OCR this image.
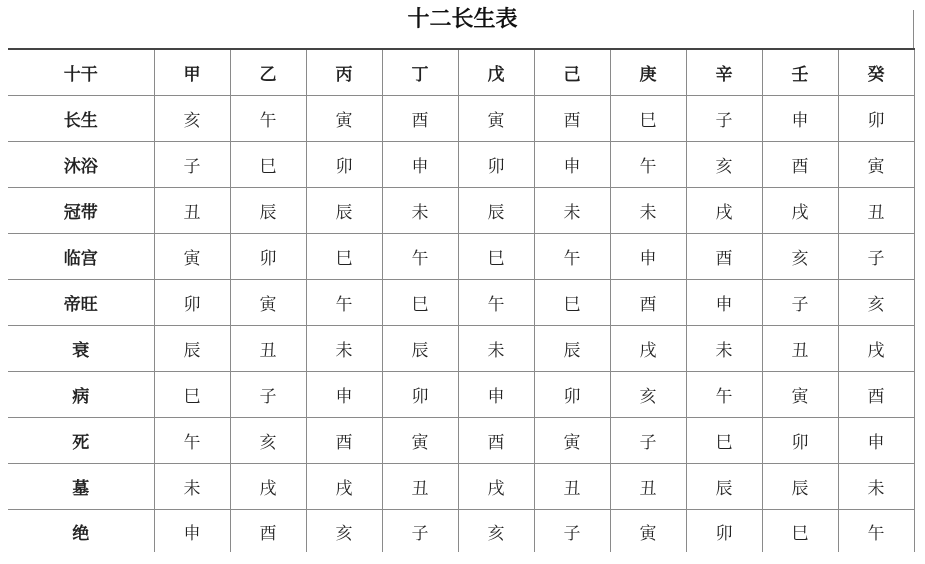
十二长生表
十干	甲	乙	丙	丁	戊	己	庚	辛	壬	癸
长生	亥	午	寅	酉	寅	酉	巳	子	申	卯
沐浴	子	巳	卯	申	卯	申	午	亥	酉	寅
冠带	丑	辰	辰	未	辰	未	未	戌	戌	丑
临宫	寅	卯	巳	午	巳	午	申	酉	亥	子
帝旺	卯	寅	午	巳	午	巳	酉	申	子	亥
衰	辰	丑	未	辰	未	辰	戌	未	丑	戌
病	巳	子	申	卯	申	卯	亥	午	寅	酉
死	午	亥	酉	寅	酉	寅	子	巳	卯	申
墓	未	戌	戌	丑	戌	丑	丑	辰	辰	未
绝	申	酉	亥	子	亥	子	寅	卯	巳	午
